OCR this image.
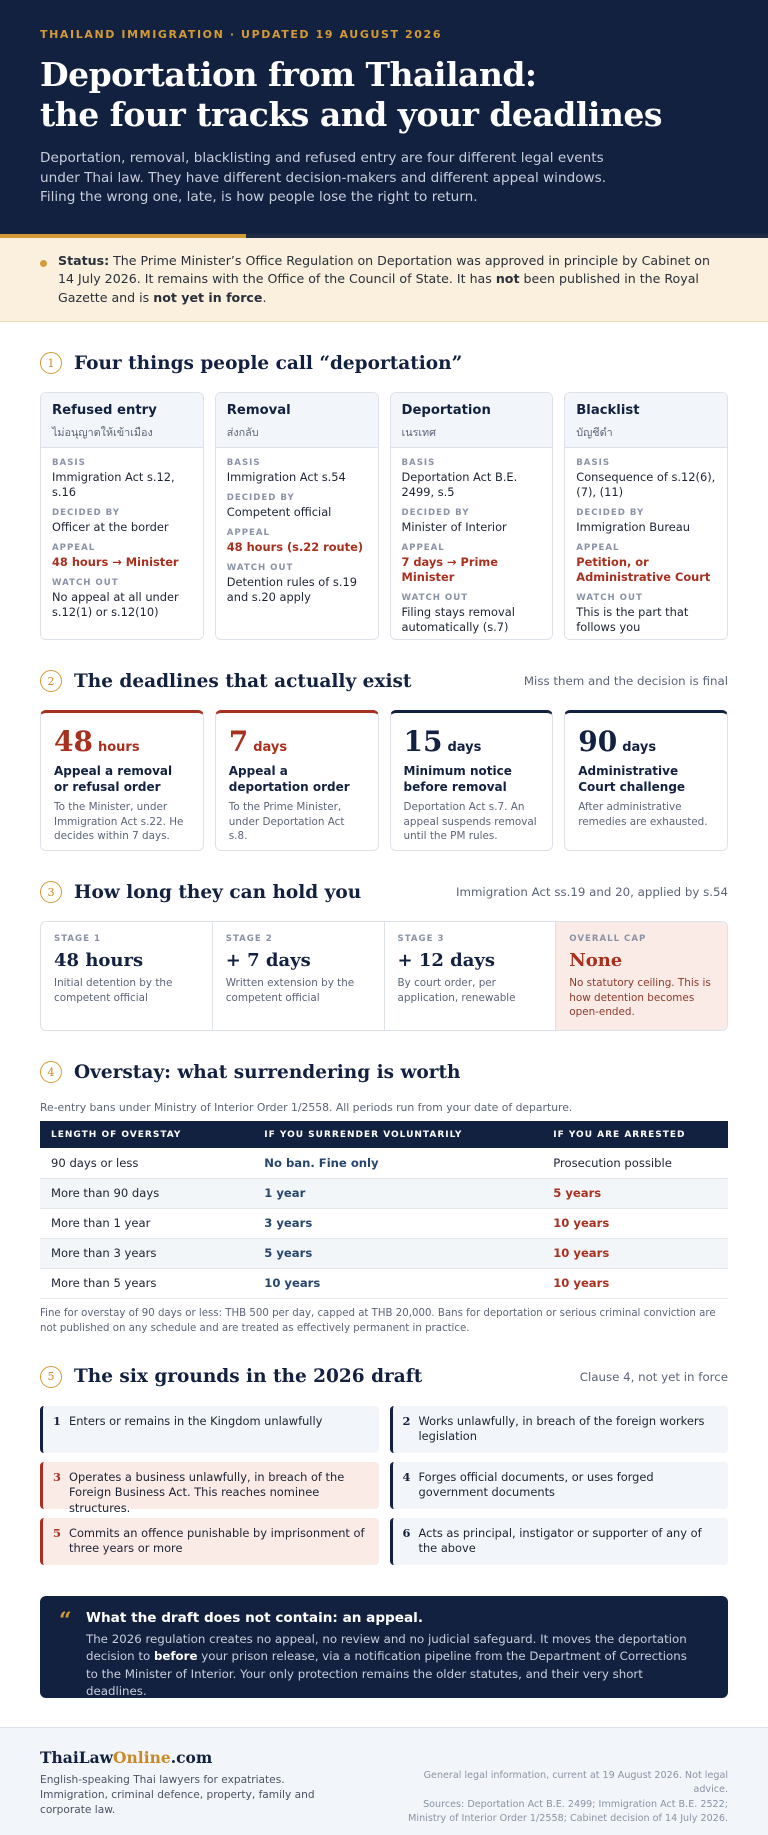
THAILAND IMMIGRATION · UPDATED 19 AUGUST 2026
Deportation from Thailand:
the four tracks and your deadlines

Deportation, removal, blacklisting and refused entry are four different legal events under Thai law. They have different decision-makers and different appeal windows. Filing the wrong one, late, is how people lose the right to return.

Status: The Prime Minister’s Office Regulation on Deportation was approved in principle by Cabinet on 14 July 2026. It remains with the Office of the Council of State. It has not been published in the Royal Gazette and is not yet in force.
1	Four things people call “deportation”
Refused entry
ไม่อนุญาตให้เข้าเมือง
BASIS
Immigration Act s.12, s.16
DECIDED BY
Officer at the border
APPEAL
48 hours → Minister
WATCH OUT
No appeal at all under s.12(1) or s.12(10)
Removal
ส่งกลับ
BASIS
Immigration Act s.54
DECIDED BY
Competent official
APPEAL
48 hours (s.22 route)
WATCH OUT
Detention rules of s.19 and s.20 apply
Deportation
เนรเทศ
BASIS
Deportation Act B.E. 2499, s.5
DECIDED BY
Minister of Interior
APPEAL
7 days → Prime Minister
WATCH OUT
Filing stays removal automatically (s.7)
Blacklist
บัญชีดำ
BASIS
Consequence of s.12(6), (7), (11)
DECIDED BY
Immigration Bureau
APPEAL
Petition, or Administrative Court
WATCH OUT
This is the part that follows you
2	The deadlines that actually exist	Miss them and the decision is final
48 hours
Appeal a removal or refusal order
To the Minister, under Immigration Act s.22. He decides within 7 days.
7 days
Appeal a deportation order
To the Prime Minister, under Deportation Act s.8.
15 days
Minimum notice before removal
Deportation Act s.7. An appeal suspends removal until the PM rules.
90 days
Administrative Court challenge
After administrative remedies are exhausted.
3	How long they can hold you	Immigration Act ss.19 and 20, applied by s.54
STAGE 1
48 hours
Initial detention by the competent official
STAGE 2
+ 7 days
Written extension by the competent official
STAGE 3
+ 12 days
By court order, per application, renewable
OVERALL CAP
None
No statutory ceiling. This is how detention becomes open-ended.
4	Overstay: what surrendering is worth

Re-entry bans under Ministry of Interior Order 1/2558. All periods run from your date of departure.

LENGTH OF OVERSTAY	IF YOU SURRENDER VOLUNTARILY	IF YOU ARE ARRESTED
90 days or less	No ban. Fine only	Prosecution possible
More than 90 days	1 year	5 years
More than 1 year	3 years	10 years
More than 3 years	5 years	10 years
More than 5 years	10 years	10 years

Fine for overstay of 90 days or less: THB 500 per day, capped at THB 20,000. Bans for deportation or serious criminal conviction are not published on any schedule and are treated as effectively permanent in practice.

5	The six grounds in the 2026 draft	Clause 4, not yet in force
1 Enters or remains in the Kingdom unlawfully	2 Works unlawfully, in breach of the foreign workers legislation
3 Operates a business unlawfully, in breach of the Foreign Business Act. This reaches nominee structures.
4 Forges official documents, or uses forged government documents
5 Commits an offence punishable by imprisonment of three years or more
6 Acts as principal, instigator or supporter of any of the above
“ What the draft does not contain: an appeal.

The 2026 regulation creates no appeal, no review and no judicial safeguard. It moves the deportation decision to before your prison release, via a notification pipeline from the Department of Corrections to the Minister of Interior. Your only protection remains the older statutes, and their very short deadlines.

ThaiLawOnline.com

English-speaking Thai lawyers for expatriates. Immigration, criminal defence, property, family and corporate law.

General legal information, current at 19 August 2026. Not legal advice.
Sources: Deportation Act B.E. 2499; Immigration Act B.E. 2522; Ministry of Interior Order 1/2558; Cabinet decision of 14 July 2026.
